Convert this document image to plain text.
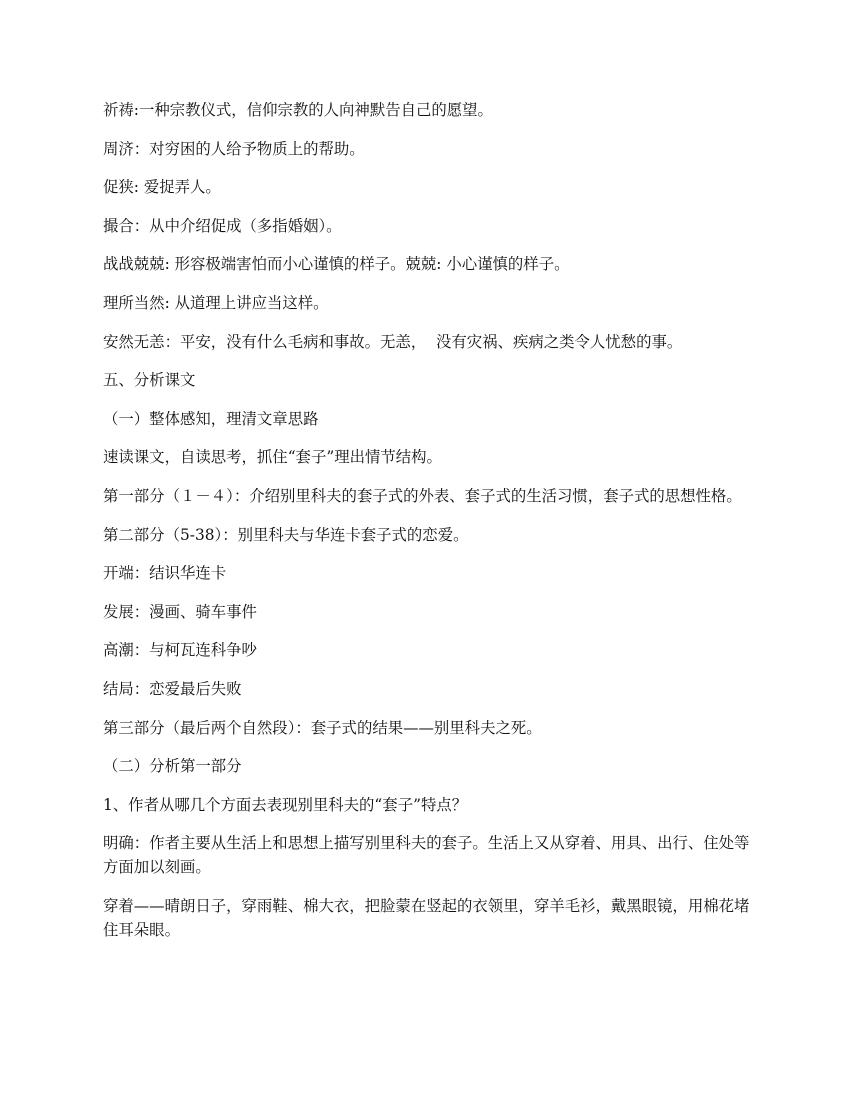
祈祷:一种宗教仪式，信仰宗教的人向神默告自己的愿望。

周济：对穷困的人给予物质上的帮助。

促狭: 爱捉弄人。

撮合：从中介绍促成（多指婚姻）。

战战兢兢: 形容极端害怕而小心谨慎的样子。兢兢: 小心谨慎的样子。

理所当然: 从道理上讲应当这样。

安然无恙：平安，没有什么毛病和事故。无恙，  没有灾祸、疾病之类令人忧愁的事。

五、分析课文

（一）整体感知，理清文章思路

速读课文，自读思考，抓住“套子”理出情节结构。

第一部分（１－４）：介绍别里科夫的套子式的外表、套子式的生活习惯，套子式的思想性格。

第二部分（5-38）：别里科夫与华连卡套子式的恋爱。

开端：结识华连卡

发展：漫画、骑车事件

高潮：与柯瓦连科争吵

结局：恋爱最后失败

第三部分（最后两个自然段）：套子式的结果——别里科夫之死。

（二）分析第一部分

1、作者从哪几个方面去表现别里科夫的“套子”特点？

明确：作者主要从生活上和思想上描写别里科夫的套子。生活上又从穿着、用具、出行、住处等方面加以刻画。

穿着——晴朗日子，穿雨鞋、棉大衣，把脸蒙在竖起的衣领里，穿羊毛衫，戴黑眼镜，用棉花堵住耳朵眼。
